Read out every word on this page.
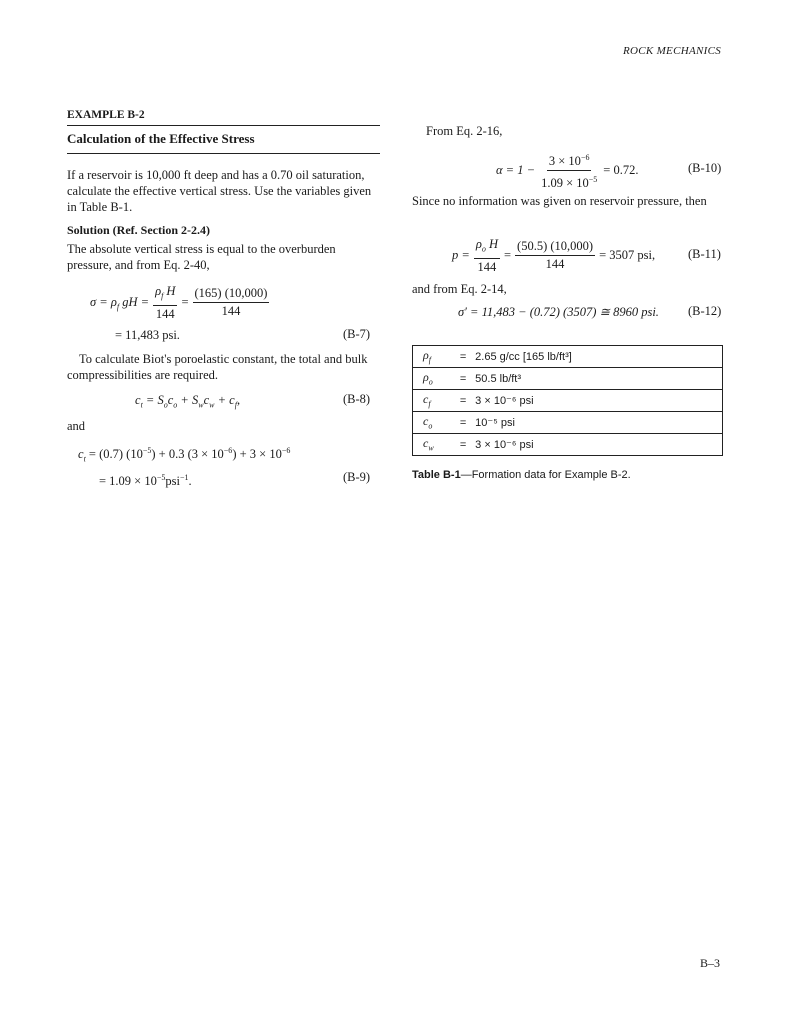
ROCK MECHANICS
EXAMPLE B-2
Calculation of the Effective Stress
If a reservoir is 10,000 ft deep and has a 0.70 oil saturation, calculate the effective vertical stress. Use the variables given in Table B-1.
Solution (Ref. Section 2-2.4)
The absolute vertical stress is equal to the overburden pressure, and from Eq. 2-40,
$\sigma = \rho_f$ gH = $\frac{\rho_f H}{144} = \frac{(165) (10,000)}{144}$
= 11,483 psi.	(B-7)
To calculate Biot's poroelastic constant, the total and bulk compressibilities are required.
$c_t = S_oc_o + S_wc_w + c_f$,	(B-8)
and
$c_t = (0.7) (10^{-5}) + 0.3$ $(3 \times 10^{-6}) + 3 \times 10^{-6}$
= $1.09 \times 10^{-5}psi^{-1}$.	(B-9)
From Eq. 2-16,
$\alpha = 1 - \frac{3 \times 10^{-6}}{1.09 \times 10^{-5}} = 0.72$.	(B-10)
Since no information was given on reservoir pressure, then
$p = \frac{\rho_o H}{144} = \frac{(50.5) (10,000)}{144} = 3507$ psi,	(B-11)
and from Eq. 2-14,
σ′ = 11,483 − (0.72) (3507) ≅ 8960 psi. (B-12)
$\rho_f$	=	2.65 g/cc [165 lb/ft³]
$\rho_o$	=	50.5 lb/ft³
$c_f$	=	3 × 10⁻⁶ psi
$c_o$	=	10⁻⁵ psi
$c_w$	=	3 × 10⁻⁶ psi
Table B-1—Formation data for Example B-2.
B–3
